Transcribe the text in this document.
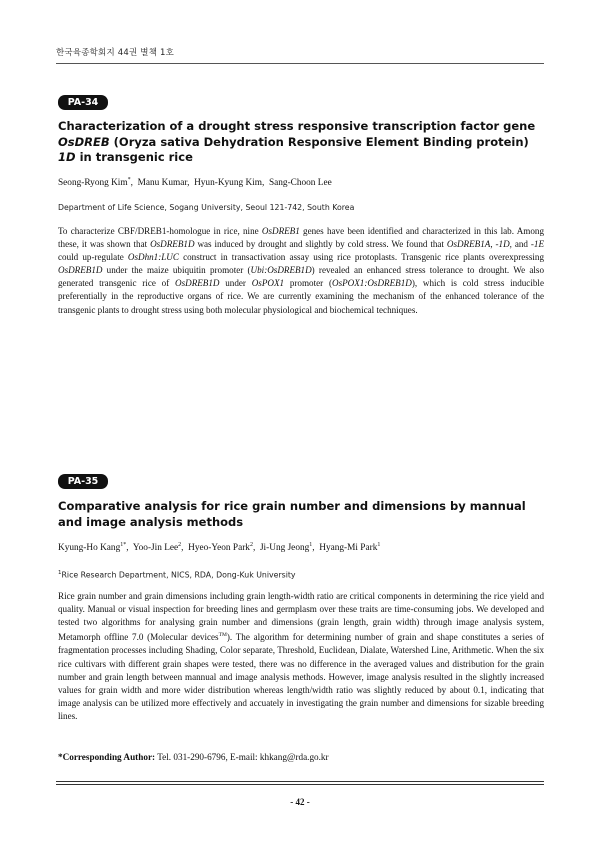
한국육종학회지 44권 별책 1호
PA-34
Characterization of a drought stress responsive transcription factor gene OsDREB (Oryza sativa Dehydration Responsive Element Binding protein) 1D in transgenic rice
Seong-Ryong Kim*,  Manu Kumar,  Hyun-Kyung Kim,  Sang-Choon Lee
Department of Life Science, Sogang University, Seoul 121-742, South Korea
To characterize CBF/DREB1-homologue in rice, nine OsDREB1 genes have been identified and characterized in this lab. Among these, it was shown that OsDREB1D was induced by drought and slightly by cold stress. We found that OsDREB1A, -1D, and -1E could up-regulate OsDhn1:LUC construct in transactivation assay using rice protoplasts. Transgenic rice plants overexpressing OsDREB1D under the maize ubiquitin promoter (Ubi:OsDREB1D) revealed an enhanced stress tolerance to drought. We also generated transgenic rice of OsDREB1D under OsPOX1 promoter (OsPOX1:OsDREB1D), which is cold stress inducible preferentially in the reproductive organs of rice. We are currently examining the mechanism of the enhanced tolerance of the transgenic plants to drought stress using both molecular physiological and biochemical techniques.
PA-35
Comparative analysis for rice grain number and dimensions by mannual and image analysis methods
Kyung-Ho Kang$^{1*}$,  Yoo-Jin Lee$^2$,  Hyeo-Yeon Park$^2$,  Ji-Ung Jeong$^1$,  Hyang-Mi Park$^1$
$^1$Rice Research Department, NICS, RDA, Dong-Kuk University
Rice grain number and grain dimensions including grain length-width ratio are critical components in determining the rice yield and quality. Manual or visual inspection for breeding lines and germplasm over these traits are time-consuming jobs. We developed and tested two algorithms for analysing grain number and dimensions (grain length, grain width) through image analysis system, Metamorph offline 7.0 (Molecular devices™). The algorithm for determining number of grain and shape constitutes a series of fragmentation processes including Shading, Color separate, Threshold, Euclidean, Dialate, Watershed Line, Arithmetic. When the six rice cultivars with different grain shapes were tested, there was no difference in the averaged values and distribution for the grain number and grain length between mannual and image analysis methods. However, image analysis resulted in the slightly increased values for grain width and more wider distribution whereas length/width ratio was slightly reduced by about 0.1, indicating that image analysis can be utilized more effectively and accuately in investigating the grain number and dimensions for sizable breeding lines.
*Corresponding Author: Tel. 031-290-6796, E-mail: khkang@rda.go.kr
- 42 -
